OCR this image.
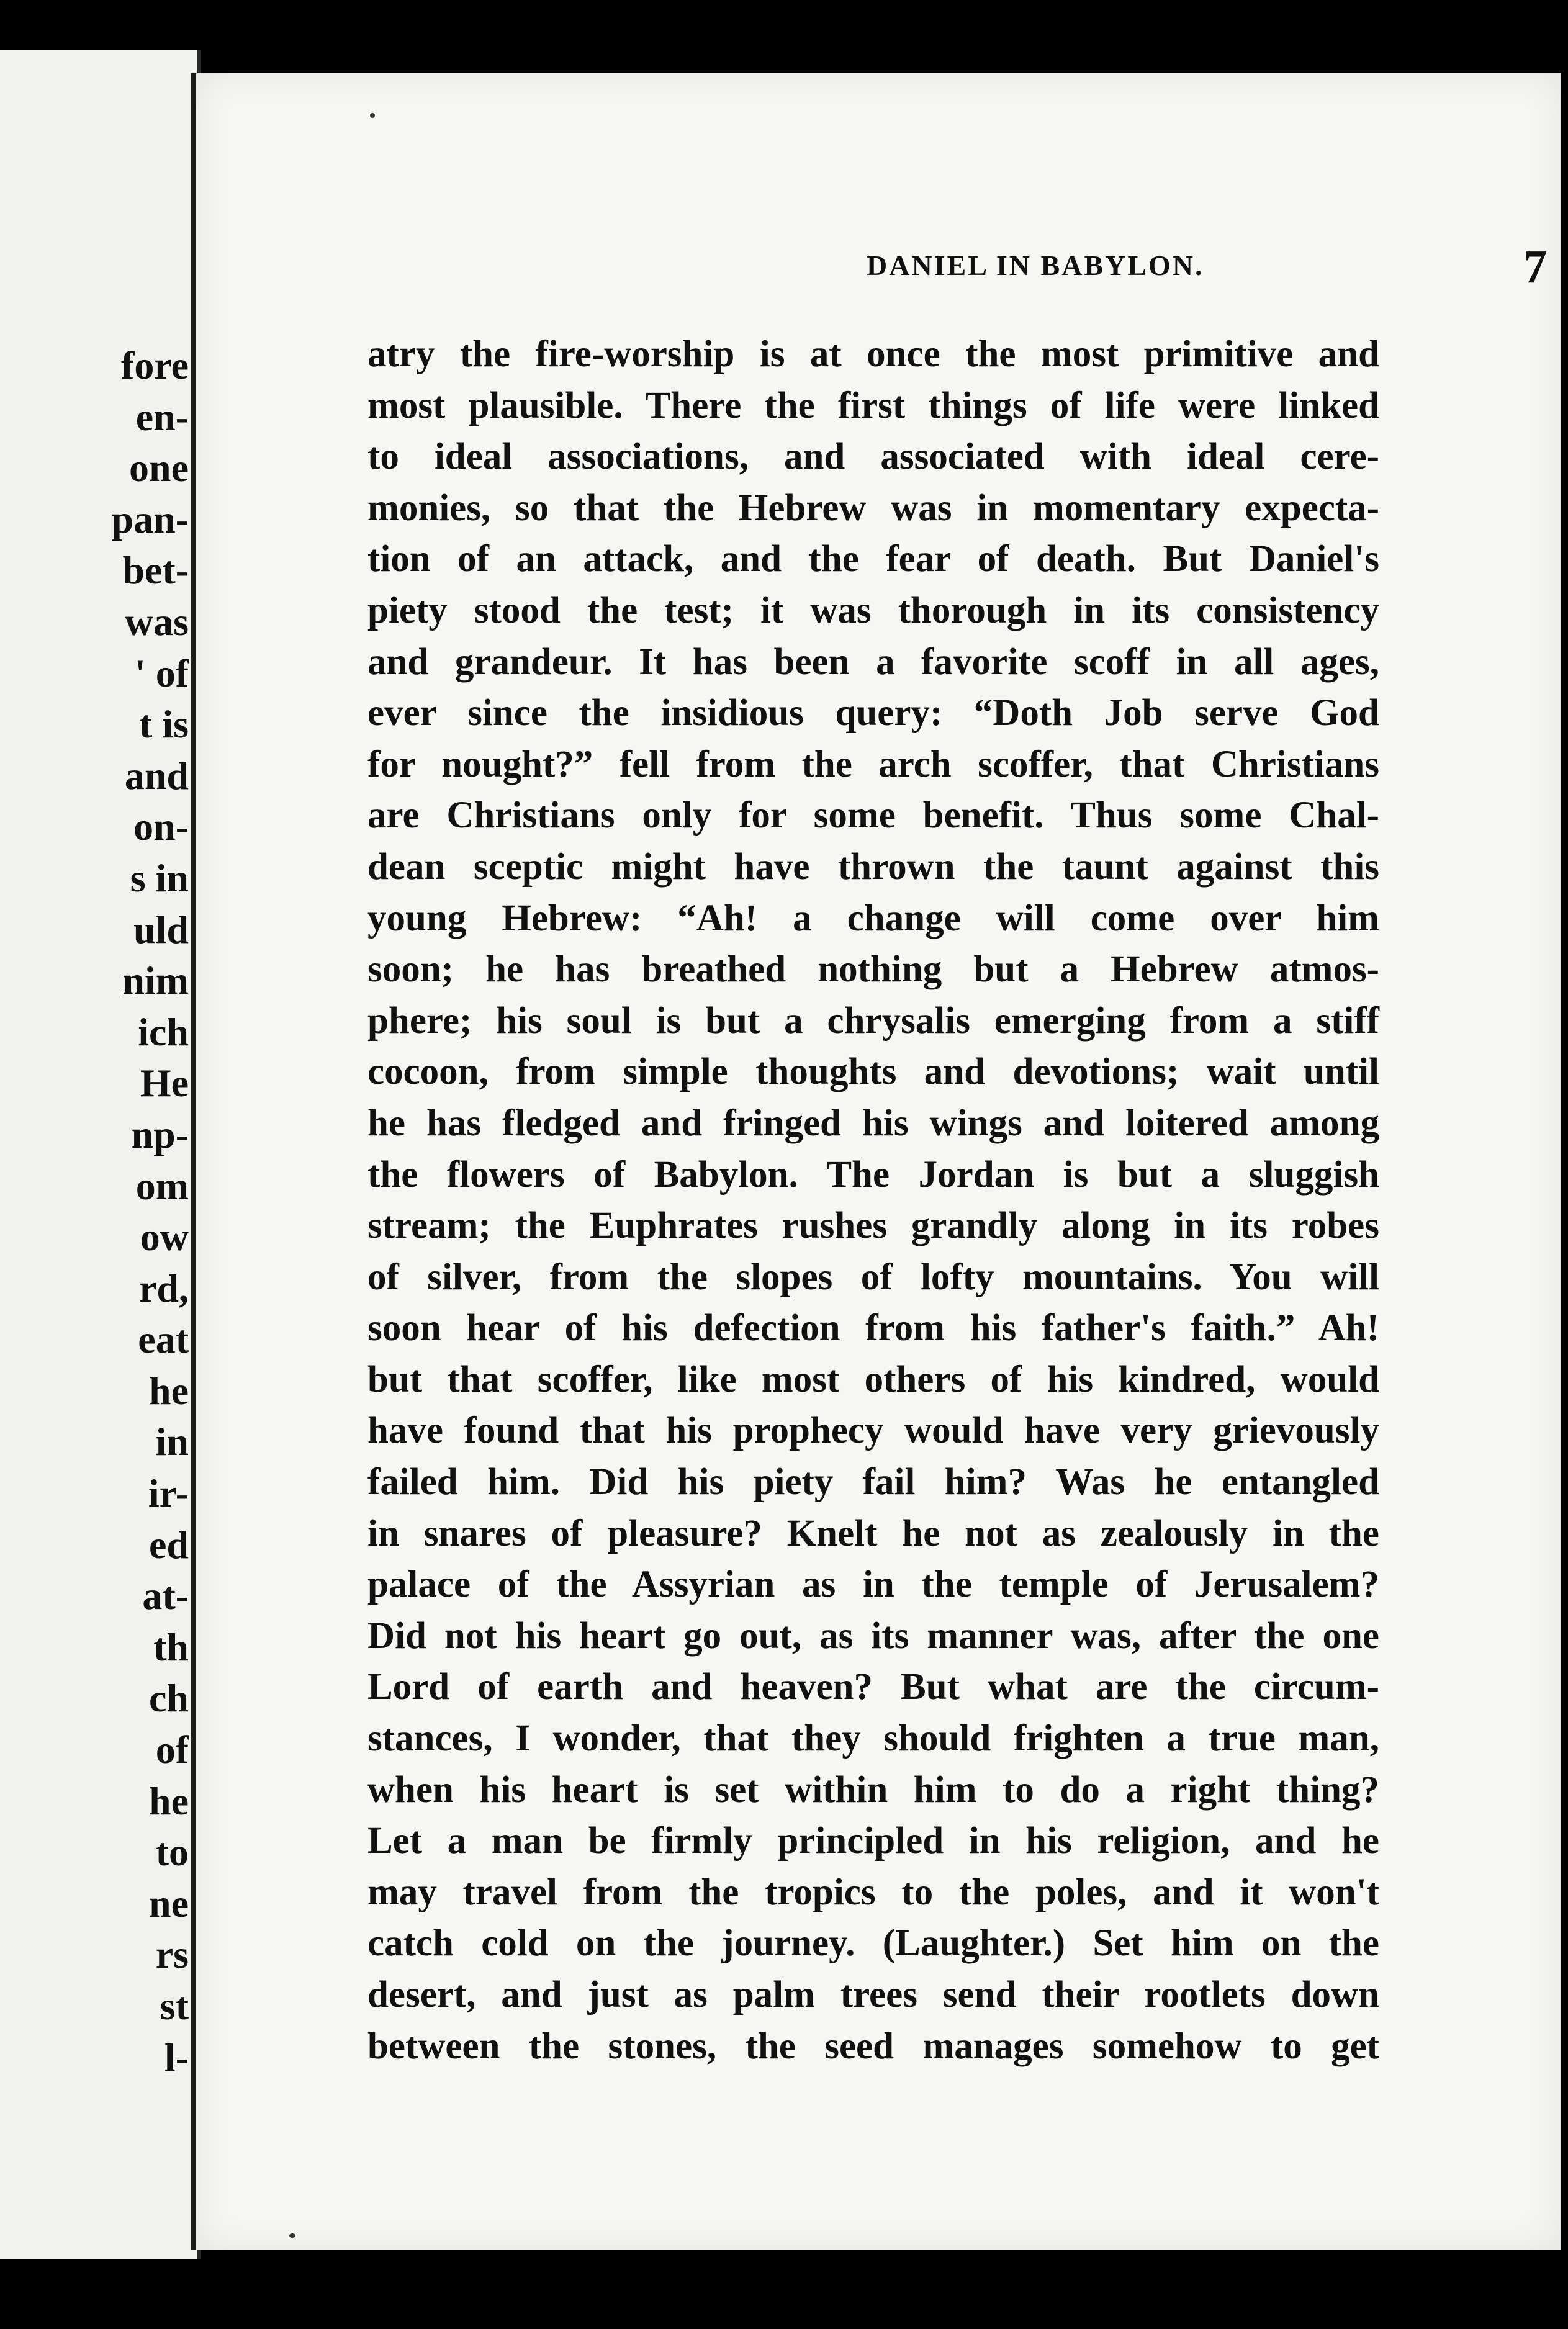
fore
en-
one
pan-
bet-
was
' of
t is
and
on-
s in
uld
nim
ich
He
np-
om
ow
rd,
eat
he
in
ir-
ed
at-
th
ch
of
he
to
ne
rs
st
l-
DANIEL IN BABYLON.	7
atry the fire-worship is at once the most primitive and
most plausible. There the first things of life were linked
to ideal associations, and associated with ideal cere-
monies, so that the Hebrew was in momentary expecta-
tion of an attack, and the fear of death. But Daniel's
piety stood the test; it was thorough in its consistency
and grandeur. It has been a favorite scoff in all ages,
ever since the insidious query: “Doth Job serve God
for nought?” fell from the arch scoffer, that Christians
are Christians only for some benefit. Thus some Chal-
dean sceptic might have thrown the taunt against this
young Hebrew: “Ah! a change will come over him
soon; he has breathed nothing but a Hebrew atmos-
phere; his soul is but a chrysalis emerging from a stiff
cocoon, from simple thoughts and devotions; wait until
he has fledged and fringed his wings and loitered among
the flowers of Babylon. The Jordan is but a sluggish
stream; the Euphrates rushes grandly along in its robes
of silver, from the slopes of lofty mountains. You will
soon hear of his defection from his father's faith.” Ah!
but that scoffer, like most others of his kindred, would
have found that his prophecy would have very grievously
failed him. Did his piety fail him? Was he entangled
in snares of pleasure? Knelt he not as zealously in the
palace of the Assyrian as in the temple of Jerusalem?
Did not his heart go out, as its manner was, after the one
Lord of earth and heaven? But what are the circum-
stances, I wonder, that they should frighten a true man,
when his heart is set within him to do a right thing?
Let a man be firmly principled in his religion, and he
may travel from the tropics to the poles, and it won't
catch cold on the journey. (Laughter.) Set him on the
desert, and just as palm trees send their rootlets down
between the stones, the seed manages somehow to get
